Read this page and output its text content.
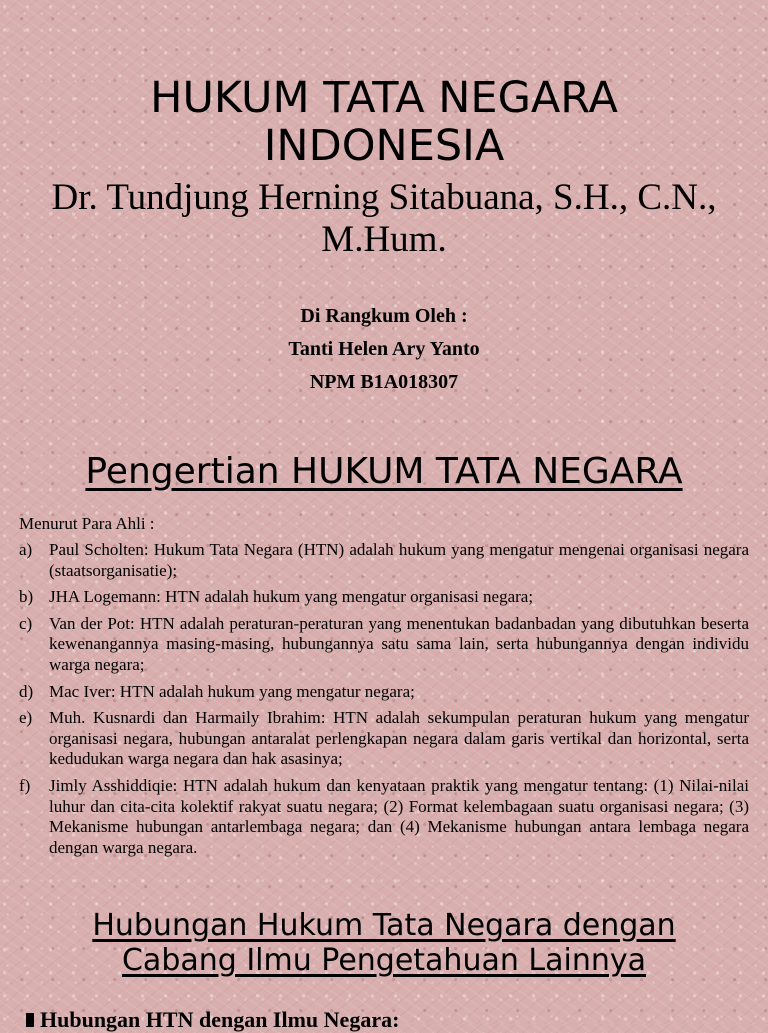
HUKUM TATA NEGARA
INDONESIA

Dr. Tundjung Herning Sitabuana, S.H., C.N.,
M.Hum.

Di Rangkum Oleh :
Tanti Helen Ary Yanto
NPM B1A018307
Pengertian HUKUM TATA NEGARA
Menurut Para Ahli :
a) Paul Scholten: Hukum Tata Negara (HTN) adalah hukum yang mengatur mengenai organisasi negara (staatsorganisatie);
b) JHA Logemann: HTN adalah hukum yang mengatur organisasi negara;
c) Van der Pot: HTN adalah peraturan-peraturan yang menentukan badanbadan yang dibutuhkan beserta kewenangannya masing-masing, hubungannya satu sama lain, serta hubungannya dengan individu warga negara;
d) Mac Iver: HTN adalah hukum yang mengatur negara;
e) Muh. Kusnardi dan Harmaily Ibrahim: HTN adalah sekumpulan peraturan hukum yang mengatur organisasi negara, hubungan antaralat perlengkapan negara dalam garis vertikal dan horizontal, serta kedudukan warga negara dan hak asasinya;
f)	Jimly Asshiddiqie: HTN adalah hukum dan kenyataan praktik yang mengatur tentang: (1) Nilai-nilai luhur dan cita-cita kolektif rakyat suatu negara; (2) Format kelembagaan suatu organisasi negara; (3) Mekanisme hubungan antarlembaga negara; dan (4) Mekanisme hubungan antara lembaga negara dengan warga negara.
Hubungan Hukum Tata Negara dengan
Cabang Ilmu Pengetahuan Lainnya
Hubungan HTN dengan Ilmu Negara:
